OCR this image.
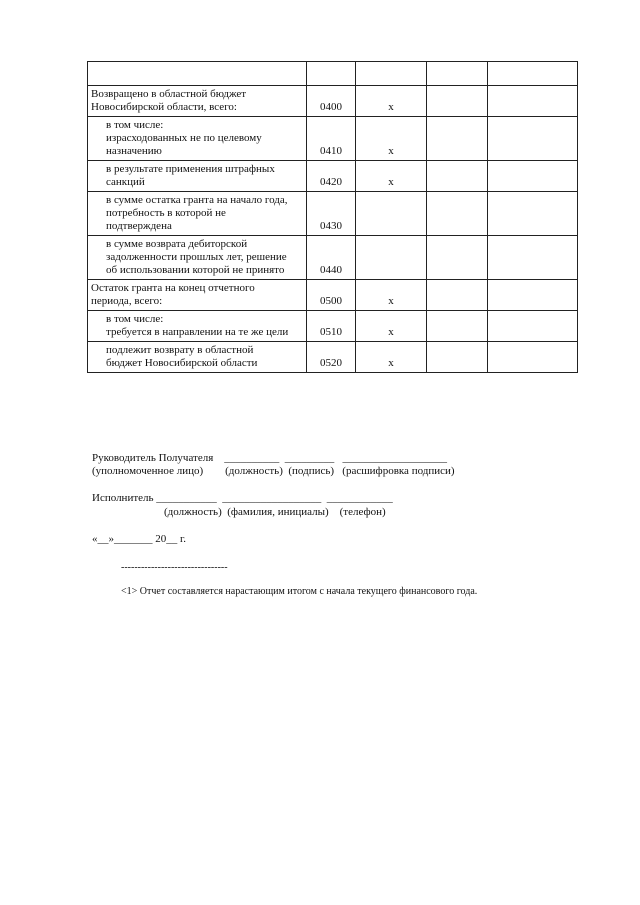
Возвращено в областной бюджет
Новосибирской области, всего:	0400	x		

в том числе:
израсходованных не по целевому
назначению	0410	x		

в результате применения штрафных
санкций	0420	x		

в сумме остатка гранта на начало года,
потребность в которой не
подтверждена	0430			

в сумме возврата дебиторской
задолженности прошлых лет, решение
об использовании которой не принято	0440			

Остаток гранта на конец отчетного
периода, всего:	0500	x		

в том числе:
требуется в направлении на те же цели	0510	x		

подлежит возврату в областной
бюджет Новосибирской области	0520	x		
Руководитель Получателя    __________  _________   ___________________
(уполномоченное лицо)        (должность)  (подпись)   (расшифровка подписи)
Исполнитель ___________  __________________  ____________
(должность)  (фамилия, инициалы)    (телефон)
«__»_______ 20__ г.
--------------------------------
<1> Отчет составляется нарастающим итогом с начала текущего финансового года.
